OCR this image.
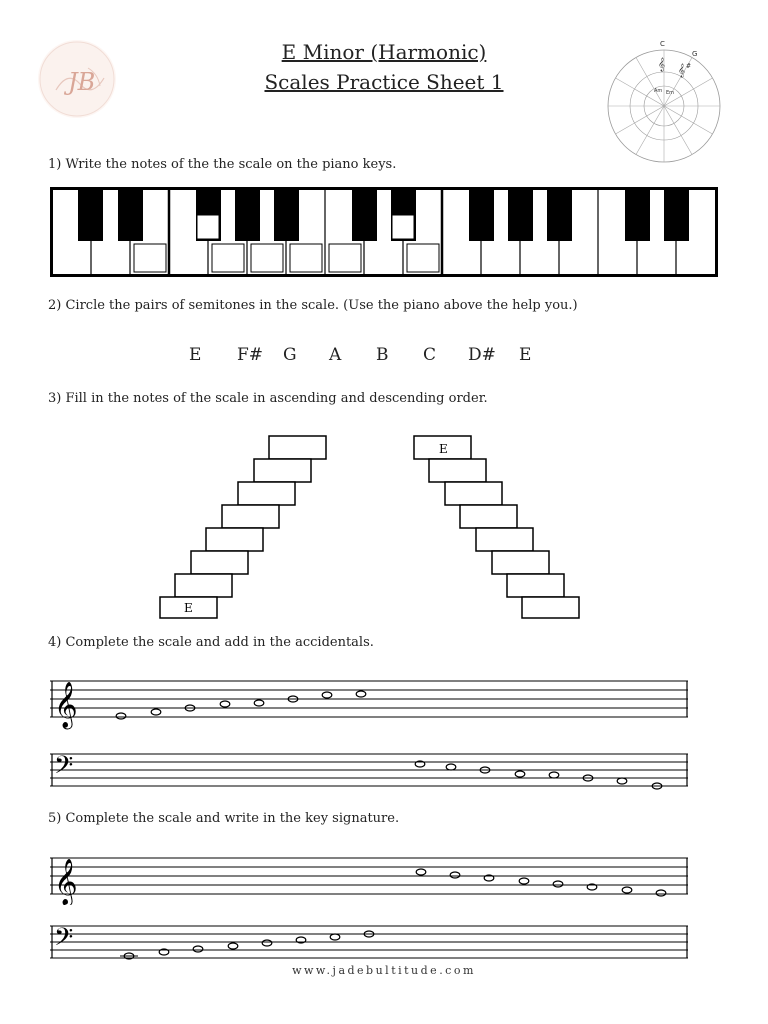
JB
E Minor (Harmonic)
Scales Practice Sheet 1
C
G
𝄞 𝄞 #
Am Em
1) Write the notes of the the scale on the piano keys.
2) Circle the pairs of semitones in the scale. (Use the piano above the help you.)
E F# G A B C D# E
3) Fill in the notes of the scale in ascending and descending order.
E
E
4) Complete the scale and add in the accidentals.
𝄞
𝄢
5) Complete the scale and write in the key signature.
𝄞
𝄢
www.jadebultitude.com
